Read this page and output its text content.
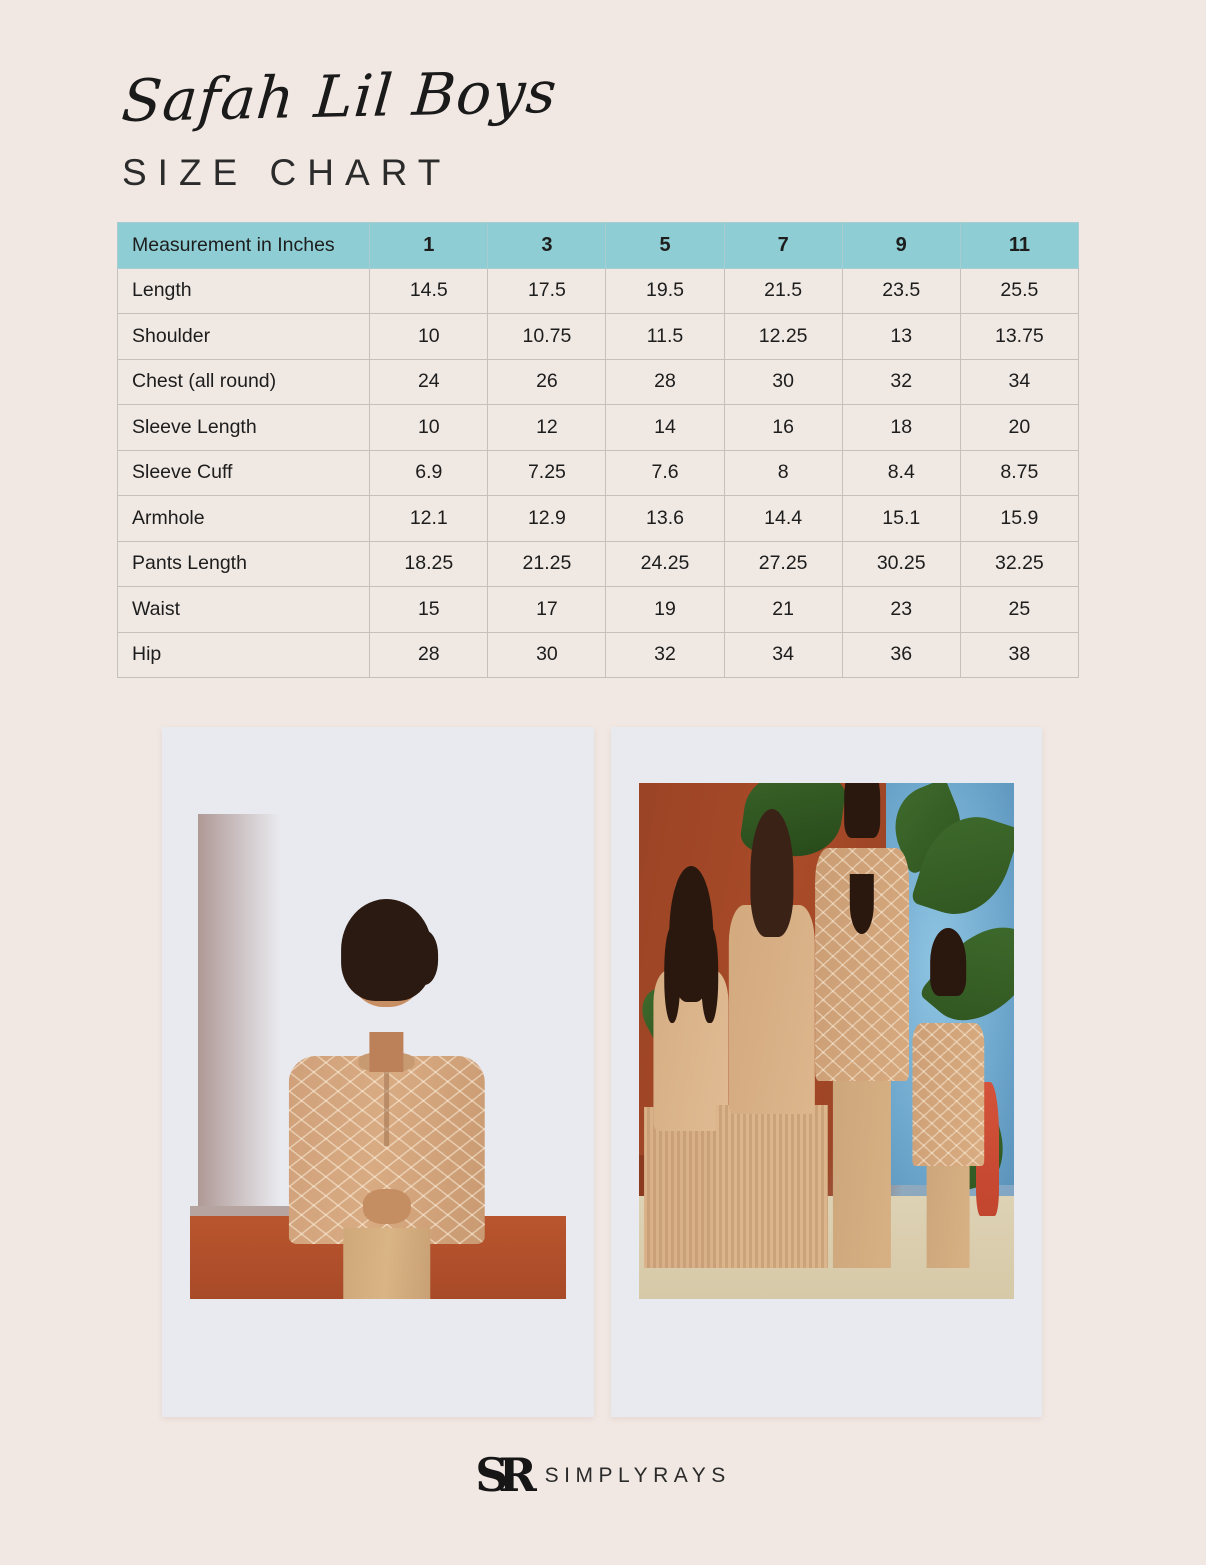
Safah Lil Boys
SIZE CHART
Measurement in Inches	1	3	5	7	9	11
Length	14.5	17.5	19.5	21.5	23.5	25.5
Shoulder	10	10.75	11.5	12.25	13	13.75
Chest (all round)	24	26	28	30	32	34
Sleeve Length	10	12	14	16	18	20
Sleeve Cuff	6.9	7.25	7.6	8	8.4	8.75
Armhole	12.1	12.9	13.6	14.4	15.1	15.9
Pants Length	18.25	21.25	24.25	27.25	30.25	32.25
Waist	15	17	19	21	23	25
Hip	28	30	32	34	36	38
SR SIMPLYRAYS
